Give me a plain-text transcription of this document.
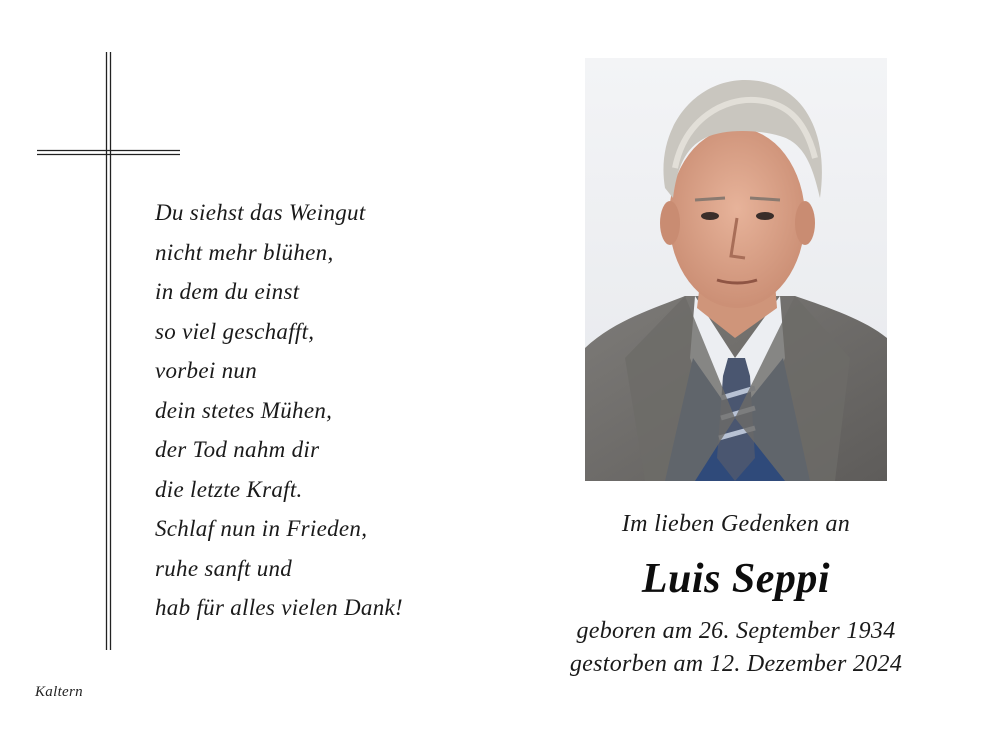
Du siehst das Weingut
nicht mehr blühen,
in dem du einst
so viel geschafft,
vorbei nun
dein stetes Mühen,
der Tod nahm dir
die letzte Kraft.
Schlaf nun in Frieden,
ruhe sanft und
hab für alles vielen Dank!
Kaltern
Im lieben Gedenken an
Luis Seppi
geboren am 26. September 1934
gestorben am 12. Dezember 2024
